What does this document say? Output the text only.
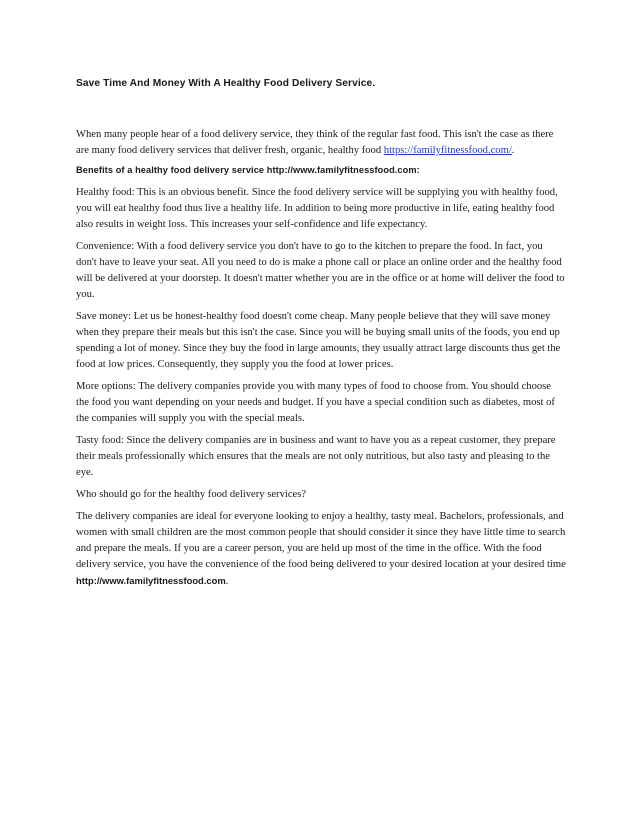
Save Time And Money With A Healthy Food Delivery Service.

When many people hear of a food delivery service, they think of the regular fast food. This isn't the case as there are many food delivery services that deliver fresh, organic, healthy food https://familyfitnessfood.com/.

Benefits of a healthy food delivery service http://www.familyfitnessfood.com:

Healthy food: This is an obvious benefit. Since the food delivery service will be supplying you with healthy food, you will eat healthy food thus live a healthy life. In addition to being more productive in life, eating healthy food also results in weight loss. This increases your self-confidence and life expectancy.

Convenience: With a food delivery service you don't have to go to the kitchen to prepare the food. In fact, you don't have to leave your seat. All you need to do is make a phone call or place an online order and the healthy food will be delivered at your doorstep. It doesn't matter whether you are in the office or at home will deliver the food to you.

Save money: Let us be honest-healthy food doesn't come cheap. Many people believe that they will save money when they prepare their meals but this isn't the case. Since you will be buying small units of the foods, you end up spending a lot of money. Since they buy the food in large amounts, they usually attract large discounts thus get the food at low prices. Consequently, they supply you the food at lower prices.

More options: The delivery companies provide you with many types of food to choose from. You should choose the food you want depending on your needs and budget. If you have a special condition such as diabetes, most of the companies will supply you with the special meals.

Tasty food: Since the delivery companies are in business and want to have you as a repeat customer, they prepare their meals professionally which ensures that the meals are not only nutritious, but also tasty and pleasing to the eye.

Who should go for the healthy food delivery services?

The delivery companies are ideal for everyone looking to enjoy a healthy, tasty meal. Bachelors, professionals, and women with small children are the most common people that should consider it since they have little time to search and prepare the meals. If you are a career person, you are held up most of the time in the office. With the food delivery service, you have the convenience of the food being delivered to your desired location at your desired time http://www.familyfitnessfood.com.
